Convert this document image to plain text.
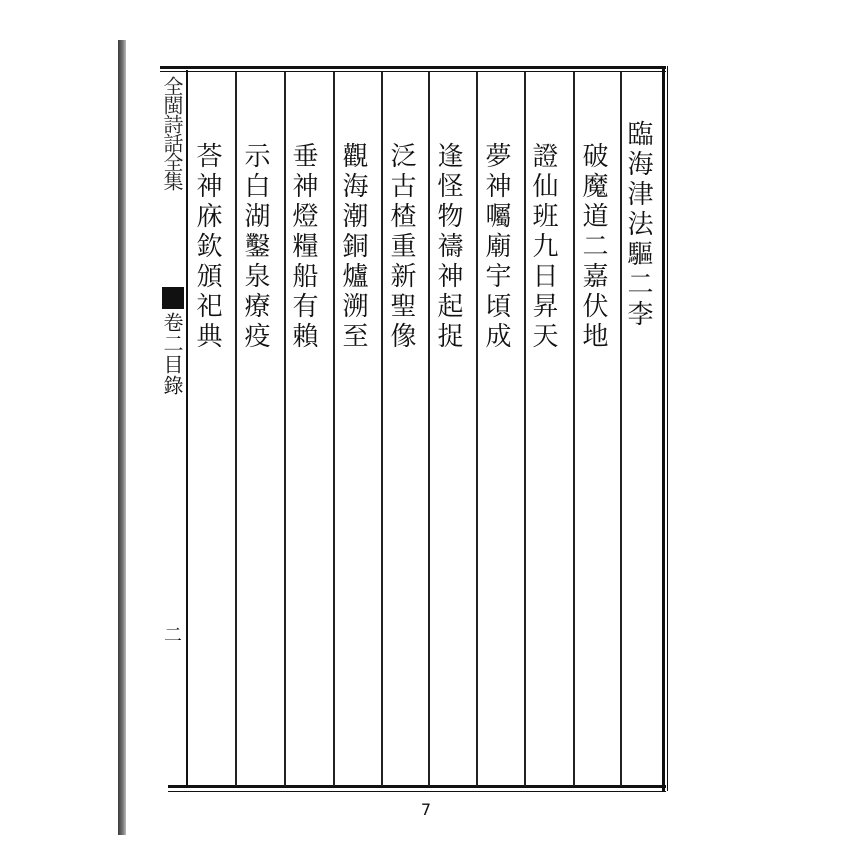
全閩詩話全集
卷二目錄
二
臨海津法驅二李
破魔道二嘉伏地
證仙班九日昇天
夢神囑廟宇頃成
逢怪物禱神起捉
泛古楂重新聖像
觀海潮銅爐溯至
垂神燈糧船有賴
示白湖鑿泉療疫
荅神庥欽頒祀典
7
